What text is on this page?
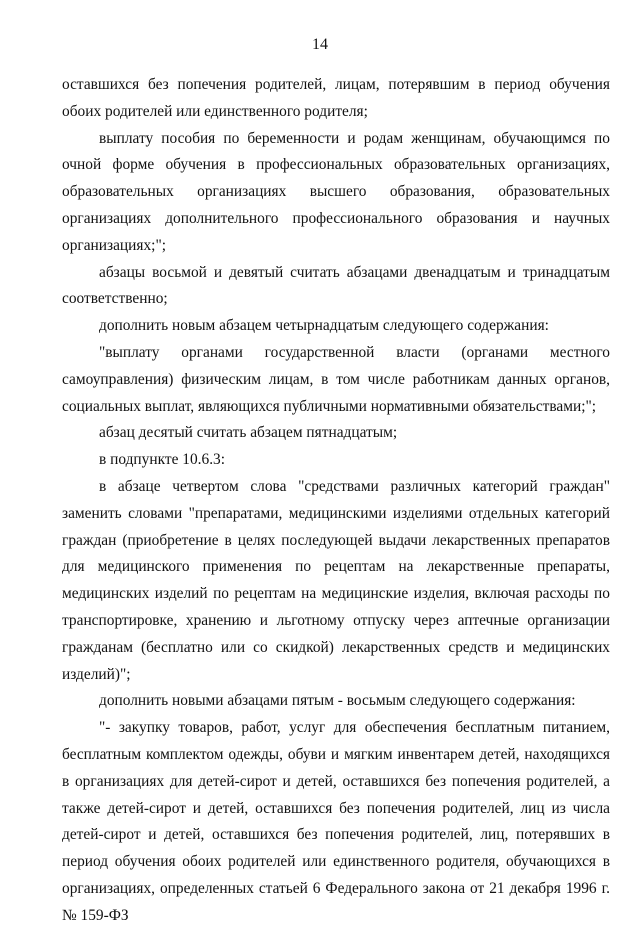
14

оставшихся без попечения родителей, лицам, потерявшим в период обучения обоих родителей или единственного родителя;

выплату пособия по беременности и родам женщинам, обучающимся по очной форме обучения в профессиональных образовательных организациях, образовательных организациях высшего образования, образовательных организациях дополнительного профессионального образования и научных организациях;";

абзацы восьмой и девятый считать абзацами двенадцатым и тринадцатым соответственно;

дополнить новым абзацем четырнадцатым следующего содержания:

"выплату органами государственной власти (органами местного самоуправления) физическим лицам, в том числе работникам данных органов, социальных выплат, являющихся публичными нормативными обязательствами;";

абзац десятый считать абзацем пятнадцатым;

в подпункте 10.6.3:

в абзаце четвертом слова "средствами различных категорий граждан" заменить словами "препаратами, медицинскими изделиями отдельных категорий граждан (приобретение в целях последующей выдачи лекарственных препаратов для медицинского применения по рецептам на лекарственные препараты, медицинских изделий по рецептам на медицинские изделия, включая расходы по транспортировке, хранению и льготному отпуску через аптечные организации гражданам (бесплатно или со скидкой) лекарственных средств и медицинских изделий)";

дополнить новыми абзацами пятым - восьмым следующего содержания:

"- закупку товаров, работ, услуг для обеспечения бесплатным питанием, бесплатным комплектом одежды, обуви и мягким инвентарем детей, находящихся в организациях для детей-сирот и детей, оставшихся без попечения родителей, а также детей-сирот и детей, оставшихся без попечения родителей, лиц из числа детей-сирот и детей, оставшихся без попечения родителей, лиц, потерявших в период обучения обоих родителей или единственного родителя, обучающихся в организациях, определенных статьей 6 Федерального закона от 21 декабря 1996 г. № 159-ФЗ
